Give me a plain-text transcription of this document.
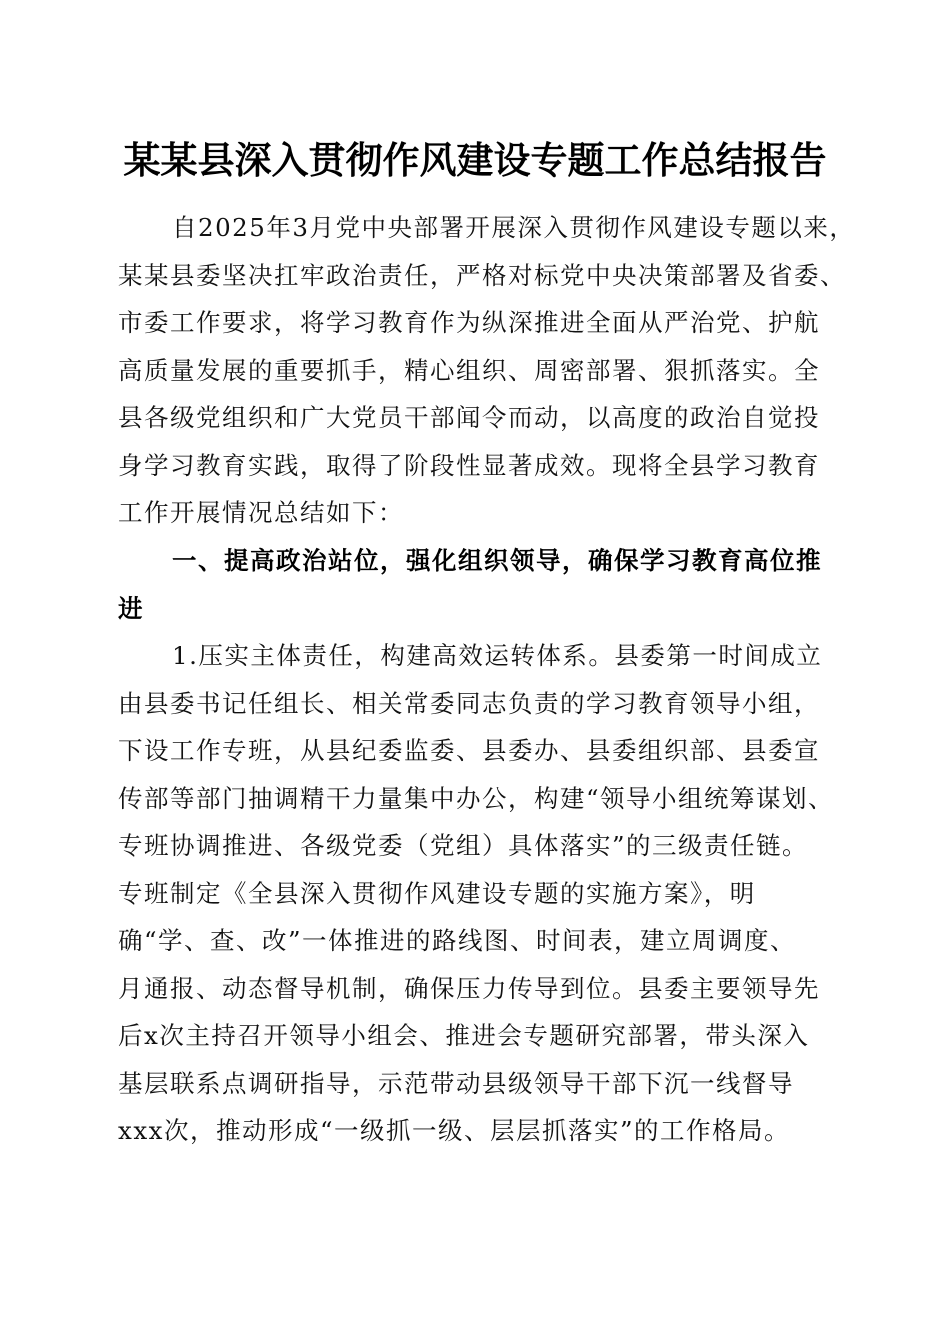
某某县深入贯彻作风建设专题工作总结报告
自2025年3月党中央部署开展深入贯彻作风建设专题以来，
某某县委坚决扛牢政治责任，严格对标党中央决策部署及省委、
市委工作要求，将学习教育作为纵深推进全面从严治党、护航
高质量发展的重要抓手，精心组织、周密部署、狠抓落实。全
县各级党组织和广大党员干部闻令而动，以高度的政治自觉投
身学习教育实践，取得了阶段性显著成效。现将全县学习教育
工作开展情况总结如下：
一、提高政治站位，强化组织领导，确保学习教育高位推
进
1.压实主体责任，构建高效运转体系。县委第一时间成立
由县委书记任组长、相关常委同志负责的学习教育领导小组，
下设工作专班，从县纪委监委、县委办、县委组织部、县委宣
传部等部门抽调精干力量集中办公，构建“领导小组统筹谋划、
专班协调推进、各级党委（党组）具体落实”的三级责任链。
专班制定《全县深入贯彻作风建设专题的实施方案》，明
确“学、查、改”一体推进的路线图、时间表，建立周调度、
月通报、动态督导机制，确保压力传导到位。县委主要领导先
后x次主持召开领导小组会、推进会专题研究部署，带头深入
基层联系点调研指导，示范带动县级领导干部下沉一线督导
xxx次，推动形成“一级抓一级、层层抓落实”的工作格局。
